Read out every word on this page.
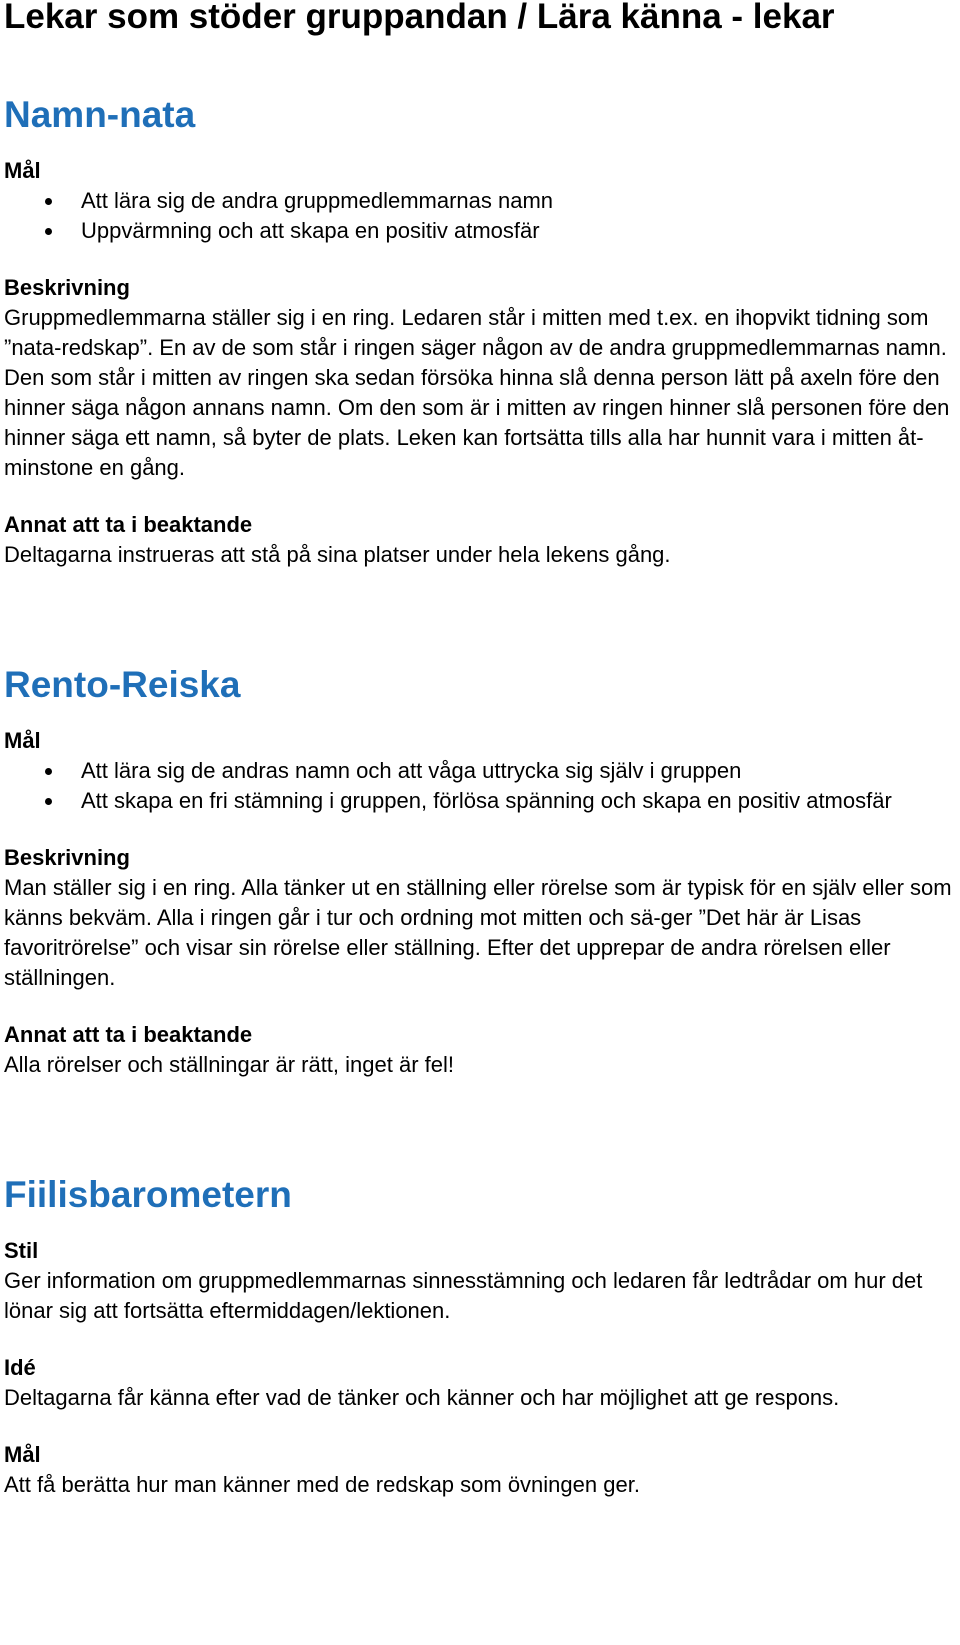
Lekar som stöder gruppandan / Lära känna - lekar
Namn-nata

Mål

Att lära sig de andra gruppmedlemmarnas namn
Uppvärmning och att skapa en positiv atmosfär

Beskrivning

Gruppmedlemmarna ställer sig i en ring. Ledaren står i mitten med t.ex. en ihopvikt tidning som ”nata-redskap”. En av de som står i ringen säger någon av de andra gruppmedlemmarnas namn. Den som står i mitten av ringen ska sedan försöka hinna slå denna person lätt på axeln före den hinner säga någon annans namn. Om den som är i mitten av ringen hinner slå personen före den hinner säga ett namn, så byter de plats. Leken kan fortsätta tills alla har hunnit vara i mitten åt-minstone en gång.

Annat att ta i beaktande

Deltagarna instrueras att stå på sina platser under hela lekens gång.

Rento-Reiska

Mål

Att lära sig de andras namn och att våga uttrycka sig själv i gruppen
Att skapa en fri stämning i gruppen, förlösa spänning och skapa en positiv atmosfär

Beskrivning

Man ställer sig i en ring. Alla tänker ut en ställning eller rörelse som är typisk för en själv eller som känns bekväm. Alla i ringen går i tur och ordning mot mitten och sä-ger ”Det här är Lisas favoritrörelse” och visar sin rörelse eller ställning. Efter det upprepar de andra rörelsen eller ställningen.

Annat att ta i beaktande

Alla rörelser och ställningar är rätt, inget är fel!

Fiilisbarometern

Stil

Ger information om gruppmedlemmarnas sinnesstämning och ledaren får ledtrådar om hur det lönar sig att fortsätta eftermiddagen/lektionen.

Idé

Deltagarna får känna efter vad de tänker och känner och har möjlighet att ge respons.

Mål

Att få berätta hur man känner med de redskap som övningen ger.
